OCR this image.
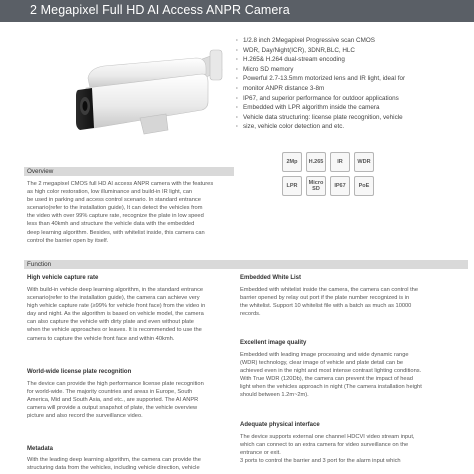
2 Megapixel Full HD AI Access ANPR Camera
· 1/2.8 inch 2Megapixel Progressive scan CMOS
· WDR, Day/Night(ICR), 3DNR,BLC, HLC
· H.265& H.264 dual-stream encoding
· Micro SD memory
· Powerful 2.7-13.5mm motorized lens and IR light, ideal for
· monitor ANPR distance 3-8m
· IP67, and superior performance for outdoor applications
· Embedded with LPR algorithm inside the camera
· Vehicle data structuring: license plate recognition, vehicle
· size, vehicle color detection and etc.
2Mp H.265	IR	WDR
LPR	Micro SD	IP67 PoE
Overview
The 2 megapixel CMOS full HD AI access ANPR camera with the features
as high color restoration, low illuminance and build-in IR light, can
be used in parking and access control scenario. In standard entrance
scenario(refer to the installation guide), It can detect the vehicles from
the video with over 99% capture rate, recognize the plate in low speed
less than 40kmh and structure the vehicle data with the embedded
deep learning algorithm. Besides, with whitelist inside, this camera can
control the barrier open by itself.
Function
High vehicle capture rate
With build-in vehicle deep learning algorithm, in the standard entrance
scenario(refer to the installation guide), the camera can achieve very
high vehicle capture rate (≥99% for vehicle front face) from the video in
day and night. As the algorithm is based on vehicle model, the camera
can also capture the vehicle with dirty plate and even without plate
when the vehicle approaches or leaves. It is recommended to use the
camera to capture the vehicle front face and within 40kmh.
World-wide license plate recognition
The device can provide the high performance license plate recognition
for world-wide. The majority countries and areas in Europe, South
America, Mid and South Asia, and etc., are supported. The AI ANPR
camera will provide a output snapshot of plate, the vehicle overview
picture and also record the surveillance video.
Metadata
With the leading deep learning algorithm, the camera can provide the
structuring data from the vehicles, including vehicle direction, vehicle
Embedded White List
Embedded with whitelist inside the camera, the camera can control the
barrier opened by relay out port if the plate number recognized is in
the whitelist. Support 10 whitelist file with a batch as much as 10000
records.
Excellent image quality
Embedded with leading image processing and wide dynamic range
(WDR) technology, clear image of vehicle and plate detail can be
achieved even in the night and most intense contrast lighting conditions.
With True WDR (120Db), the camera can prevent the impact of head
light when the vehicles approach in night (The camera installation height
should between 1.2m~2m).
Adequate physical interface
The device supports external one channel HDCVI video stream input,
which can connect to an extra camera for video surveillance on the
entrance or exit.
3 ports to control the barrier and 3 port for the alarm input which
